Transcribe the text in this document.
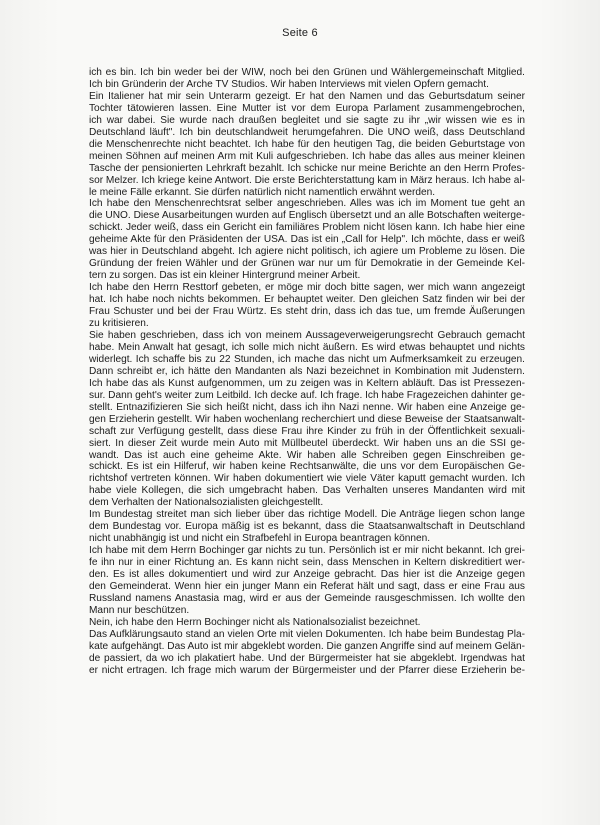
Seite 6
ich es bin. Ich bin weder bei der WIW, noch bei den Grünen und Wählergemeinschaft Mitglied.
Ich bin Gründerin der Arche TV Studios. Wir haben Interviews mit vielen Opfern gemacht.
Ein Italiener hat mir sein Unterarm gezeigt. Er hat den Namen und das Geburtsdatum seiner
Tochter tätowieren lassen. Eine Mutter ist vor dem Europa Parlament zusammengebrochen,
ich war dabei. Sie wurde nach draußen begleitet und sie sagte zu ihr „wir wissen wie es in
Deutschland läuft". Ich bin deutschlandweit herumgefahren. Die UNO weiß, dass Deutschland
die Menschenrechte nicht beachtet. Ich habe für den heutigen Tag, die beiden Geburtstage von
meinen Söhnen auf meinen Arm mit Kuli aufgeschrieben. Ich habe das alles aus meiner kleinen
Tasche der pensionierten Lehrkraft bezahlt. Ich schicke nur meine Berichte an den Herrn Profes-
sor Melzer. Ich kriege keine Antwort. Die erste Berichterstattung kam in März heraus. Ich habe al-
le meine Fälle erkannt. Sie dürfen natürlich nicht namentlich erwähnt werden.
Ich habe den Menschenrechtsrat selber angeschrieben. Alles was ich im Moment tue geht an
die UNO. Diese Ausarbeitungen wurden auf Englisch übersetzt und an alle Botschaften weitergе-
schickt. Jeder weiß, dass ein Gericht ein familiäres Problem nicht lösen kann. Ich habe hier eine
geheime Akte für den Präsidenten der USA. Das ist ein „Call for Help". Ich möchte, dass er weiß
was hier in Deutschland abgeht. Ich agiere nicht politisch, ich agiere um Probleme zu lösen. Die
Gründung der freien Wähler und der Grünen war nur um für Demokratie in der Gemeinde Kel-
tern zu sorgen. Das ist ein kleiner Hintergrund meiner Arbeit.
Ich habe den Herrn Resttorf gebeten, er möge mir doch bitte sagen, wer mich wann angezeigt
hat. Ich habe noch nichts bekommen. Er behauptet weiter. Den gleichen Satz finden wir bei der
Frau Schuster und bei der Frau Würtz. Es steht drin, dass ich das tue, um fremde Äußerungen
zu kritisieren.
Sie haben geschrieben, dass ich von meinem Aussageverweigerungsrecht Gebrauch gemacht
habe. Mein Anwalt hat gesagt, ich solle mich nicht äußern. Es wird etwas behauptet und nichts
widerlegt. Ich schaffe bis zu 22 Stunden, ich mache das nicht um Aufmerksamkeit zu erzeugen.
Dann schreibt er, ich hätte den Mandanten als Nazi bezeichnet in Kombination mit Judenstern.
Ich habe das als Kunst aufgenommen, um zu zeigen was in Keltern abläuft. Das ist Pressezen-
sur. Dann geht's weiter zum Leitbild. Ich decke auf. Ich frage. Ich habe Fragezeichen dahinter ge-
stellt. Entnazifizieren Sie sich heißt nicht, dass ich ihn Nazi nenne. Wir haben eine Anzeige ge-
gen Erzieherin gestellt. Wir haben wochenlang recherchiert und diese Beweise der Staatsanwalt-
schaft zur Verfügung gestellt, dass diese Frau ihre Kinder zu früh in der Öffentlichkeit sexuali-
siert. In dieser Zeit wurde mein Auto mit Müllbeutel überdeckt. Wir haben uns an die SSI ge-
wandt. Das ist auch eine geheime Akte. Wir haben alle Schreiben gegen Einschreiben ge-
schickt. Es ist ein Hilferuf, wir haben keine Rechtsanwälte, die uns vor dem Europäischen Ge-
richtshof vertreten können. Wir haben dokumentiert wie viele Väter kaputt gemacht wurden. Ich
habe viele Kollegen, die sich umgebracht haben. Das Verhalten unseres Mandanten wird mit
dem Verhalten der Nationalsozialisten gleichgestellt.
Im Bundestag streitet man sich lieber über das richtige Modell. Die Anträge liegen schon lange
dem Bundestag vor. Europa mäßig ist es bekannt, dass die Staatsanwaltschaft in Deutschland
nicht unabhängig ist und nicht ein Strafbefehl in Europa beantragen können.
Ich habe mit dem Herrn Bochinger gar nichts zu tun. Persönlich ist er mir nicht bekannt. Ich grei-
fe ihn nur in einer Richtung an. Es kann nicht sein, dass Menschen in Keltern diskreditiert wer-
den. Es ist alles dokumentiert und wird zur Anzeige gebracht. Das hier ist die Anzeige gegen
den Gemeinderat. Wenn hier ein junger Mann ein Referat hält und sagt, dass er eine Frau aus
Russland namens Anastasia mag, wird er aus der Gemeinde rausgeschmissen. Ich wollte den
Mann nur beschützen.
Nein, ich habe den Herrn Bochinger nicht als Nationalsozialist bezeichnet.
Das Aufklärungsauto stand an vielen Orte mit vielen Dokumenten. Ich habe beim Bundestag Pla-
kate aufgehängt. Das Auto ist mir abgeklebt worden. Die ganzen Angriffe sind auf meinem Gelän-
de passiert, da wo ich plakatiert habe. Und der Bürgermeister hat sie abgeklebt. Irgendwas hat
er nicht ertragen. Ich frage mich warum der Bürgermeister und der Pfarrer diese Erzieherin be-
